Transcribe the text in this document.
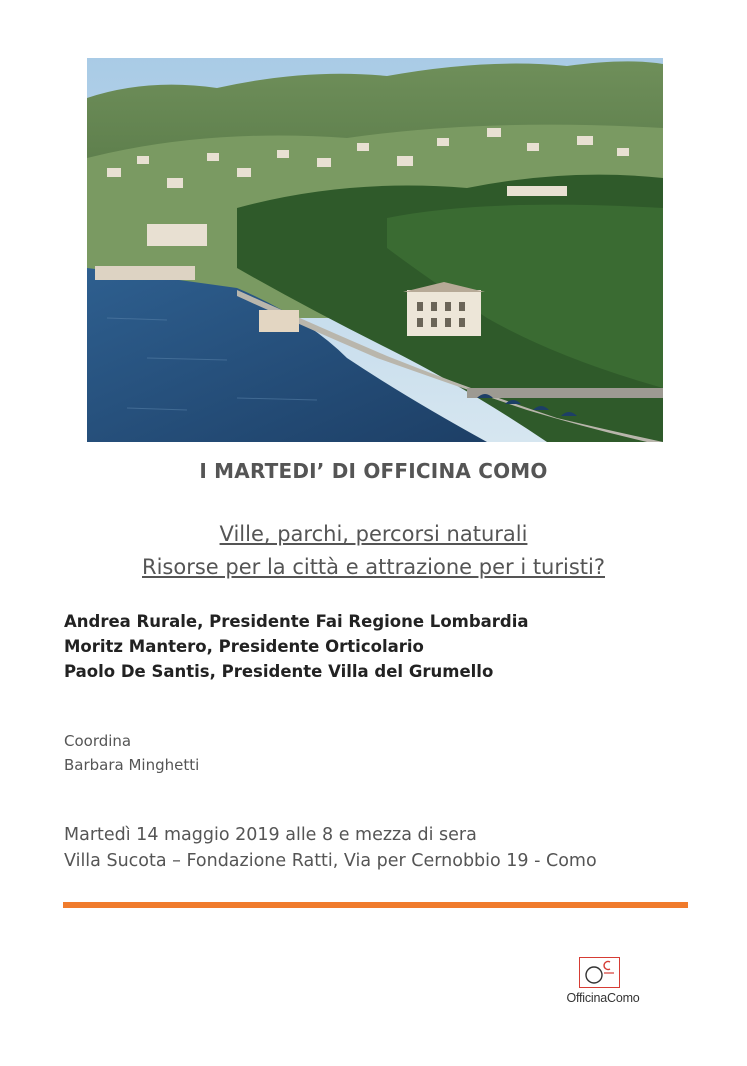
I MARTEDI’ DI OFFICINA COMO
Ville, parchi, percorsi naturali
Risorse per la città e attrazione per i turisti?
Andrea Rurale, Presidente Fai Regione Lombardia
Moritz Mantero, Presidente Orticolario
Paolo De Santis, Presidente Villa del Grumello
Coordina
Barbara Minghetti
Martedì 14 maggio 2019 alle 8 e mezza di sera
Villa Sucota – Fondazione Ratti, Via per Cernobbio 19 - Como
OfficinaComo
